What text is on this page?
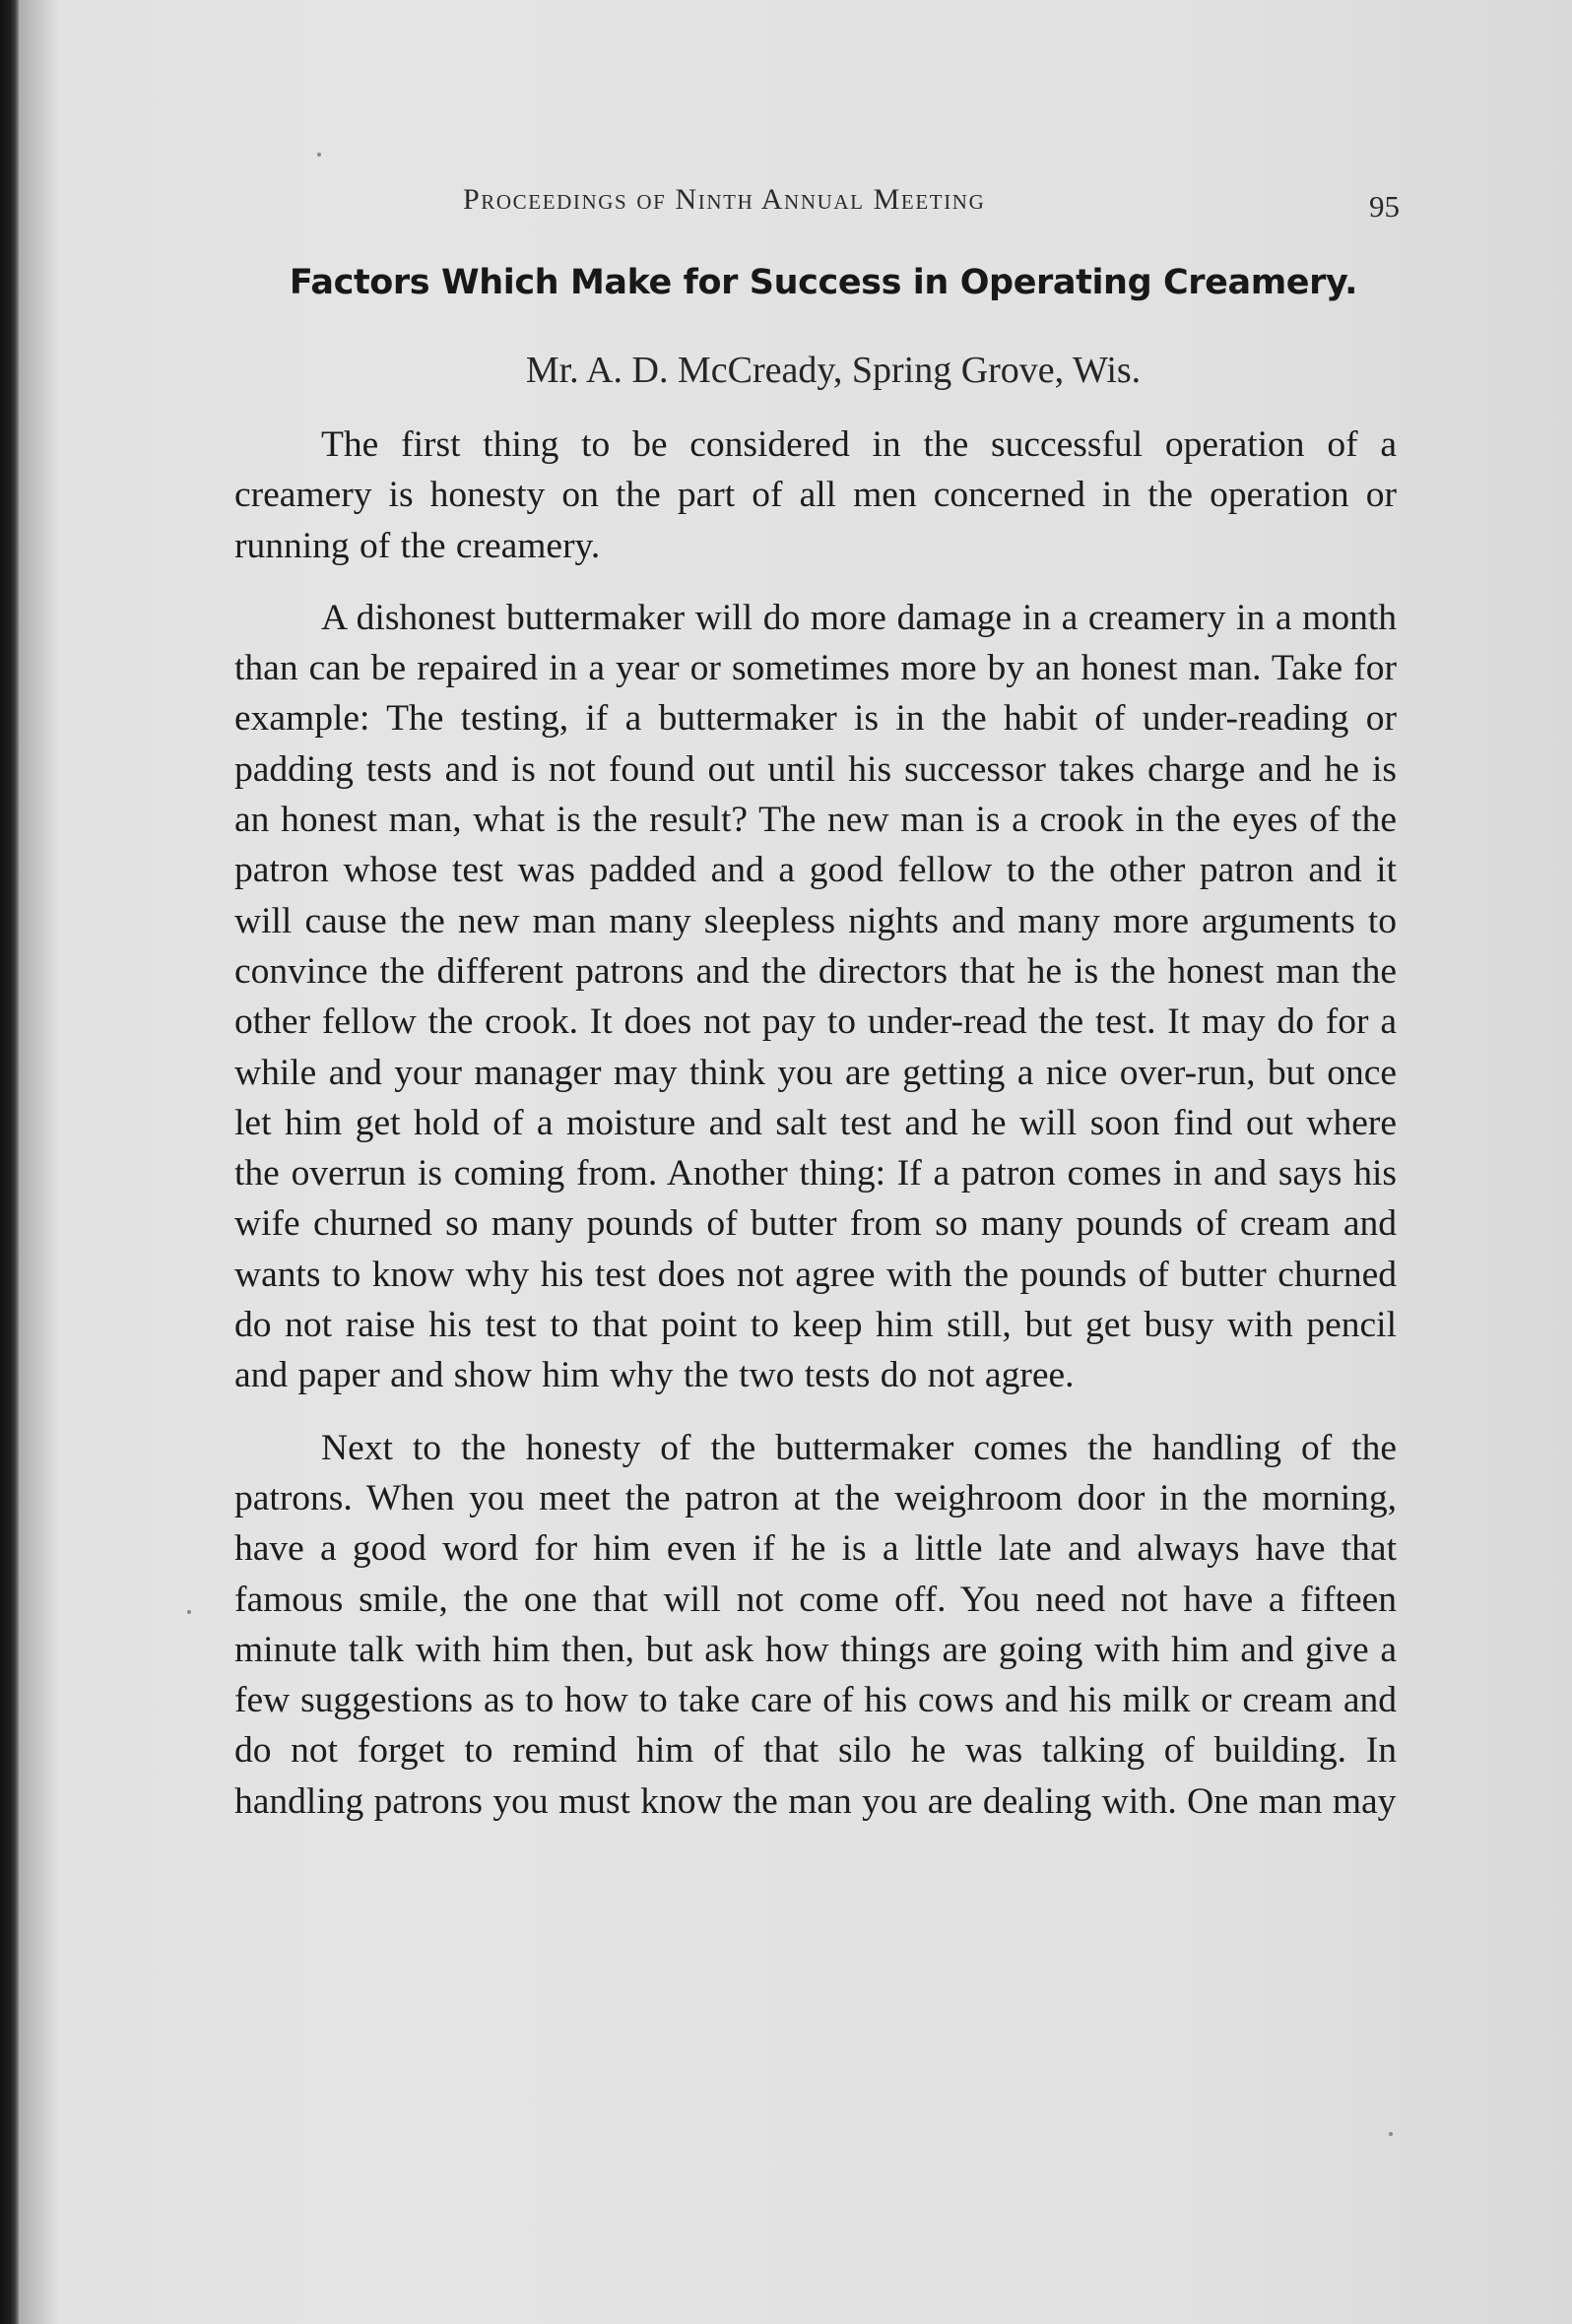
Proceedings of Ninth Annual Meeting	95
Factors Which Make for Success in Operating Creamery.

Mr. A. D. McCready, Spring Grove, Wis.

The first thing to be considered in the successful operation of a creamery is honesty on the part of all men concerned in the operation or running of the creamery.

A dishonest buttermaker will do more damage in a creamery in a month than can be repaired in a year or sometimes more by an honest man. Take for example: The testing, if a buttermaker is in the habit of under-reading or padding tests and is not found out until his successor takes charge and he is an honest man, what is the result? The new man is a crook in the eyes of the patron whose test was padded and a good fellow to the other patron and it will cause the new man many sleepless nights and many more arguments to convince the different patrons and the directors that he is the honest man the other fellow the crook. It does not pay to under-read the test. It may do for a while and your manager may think you are getting a nice over-run, but once let him get hold of a moisture and salt test and he will soon find out where the overrun is coming from. Another thing: If a patron comes in and says his wife churned so many pounds of butter from so many pounds of cream and wants to know why his test does not agree with the pounds of butter churned do not raise his test to that point to keep him still, but get busy with pencil and paper and show him why the two tests do not agree.

Next to the honesty of the buttermaker comes the handling of the patrons. When you meet the patron at the weighroom door in the morning, have a good word for him even if he is a little late and always have that famous smile, the one that will not come off. You need not have a fifteen minute talk with him then, but ask how things are going with him and give a few suggestions as to how to take care of his cows and his milk or cream and do not forget to remind him of that silo he was talking of building. In handling patrons you must know the man you are dealing with. One man may
